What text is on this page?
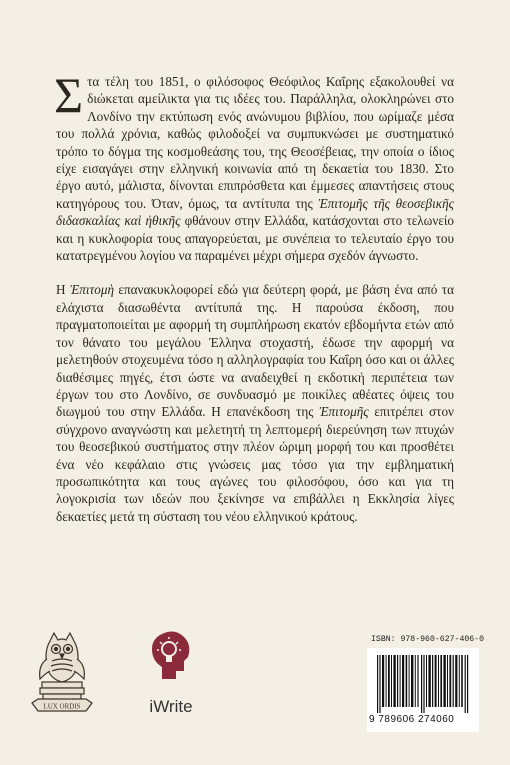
Στα τέλη του 1851, ο φιλόσοφος Θεόφιλος Καΐρης εξακολουθεί να διώκεται αμείλικτα για τις ιδέες του. Παράλληλα, ολοκληρώνει στο Λονδίνο την εκτύπωση ενός ανώνυμου βιβλίου, που ωρίμαζε μέσα του πολλά χρόνια, καθώς φιλοδοξεί να συμπυκνώσει με συστηματικό τρόπο το δόγμα της κοσμοθεάσης του, της Θεοσέβειας, την οποία ο ίδιος είχε εισαγάγει στην ελληνική κοινωνία από τη δεκαετία του 1830. Στο έργο αυτό, μάλιστα, δίνονται επιπρόσθετα και έμμεσες απαντήσεις στους κατηγόρους του. Όταν, όμως, τα αντίτυπα της Ἐπιτομῆς τῆς θεοσεβικῆς διδασκαλίας καὶ ἠθικῆς φθάνουν στην Ελλάδα, κατάσχονται στο τελωνείο και η κυκλοφορία τους απαγορεύεται, με συνέπεια το τελευταίο έργο του κατατρεγμένου λογίου να παραμένει μέχρι σήμερα σχεδόν άγνωστο.

Η Ἐπιτομὴ επανακυκλοφορεί εδώ για δεύτερη φορά, με βάση ένα από τα ελάχιστα διασωθέντα αντίτυπά της. Η παρούσα έκδοση, που πραγματοποιείται με αφορμή τη συμπλήρωση εκατόν εβδομήντα ετών από τον θάνατο του μεγάλου Έλληνα στοχαστή, έδωσε την αφορμή να μελετηθούν στοχευμένα τόσο η αλληλογραφία του Καΐρη όσο και οι άλλες διαθέσιμες πηγές, έτσι ώστε να αναδειχθεί η εκδοτική περιπέτεια των έργων του στο Λονδίνο, σε συνδυασμό με ποικίλες αθέατες όψεις του διωγμού του στην Ελλάδα. Η επανέκδοση της Ἐπιτομῆς επιτρέπει στον σύγχρονο αναγνώστη και μελετητή τη λεπτομερή διερεύνηση των πτυχών του θεοσεβικού συστήματος στην πλέον ώριμη μορφή του και προσθέτει ένα νέο κεφάλαιο στις γνώσεις μας τόσο για την εμβληματική προσωπικότητα και τους αγώνες του φιλοσόφου, όσο και για τη λογοκρισία των ιδεών που ξεκίνησε να επιβάλλει η Εκκλησία λίγες δεκαετίες μετά τη σύσταση του νέου ελληνικού κράτους.

LUX ORDIS	iWrite
ISBN: 978-960-627-406-0
9 789606 274060
